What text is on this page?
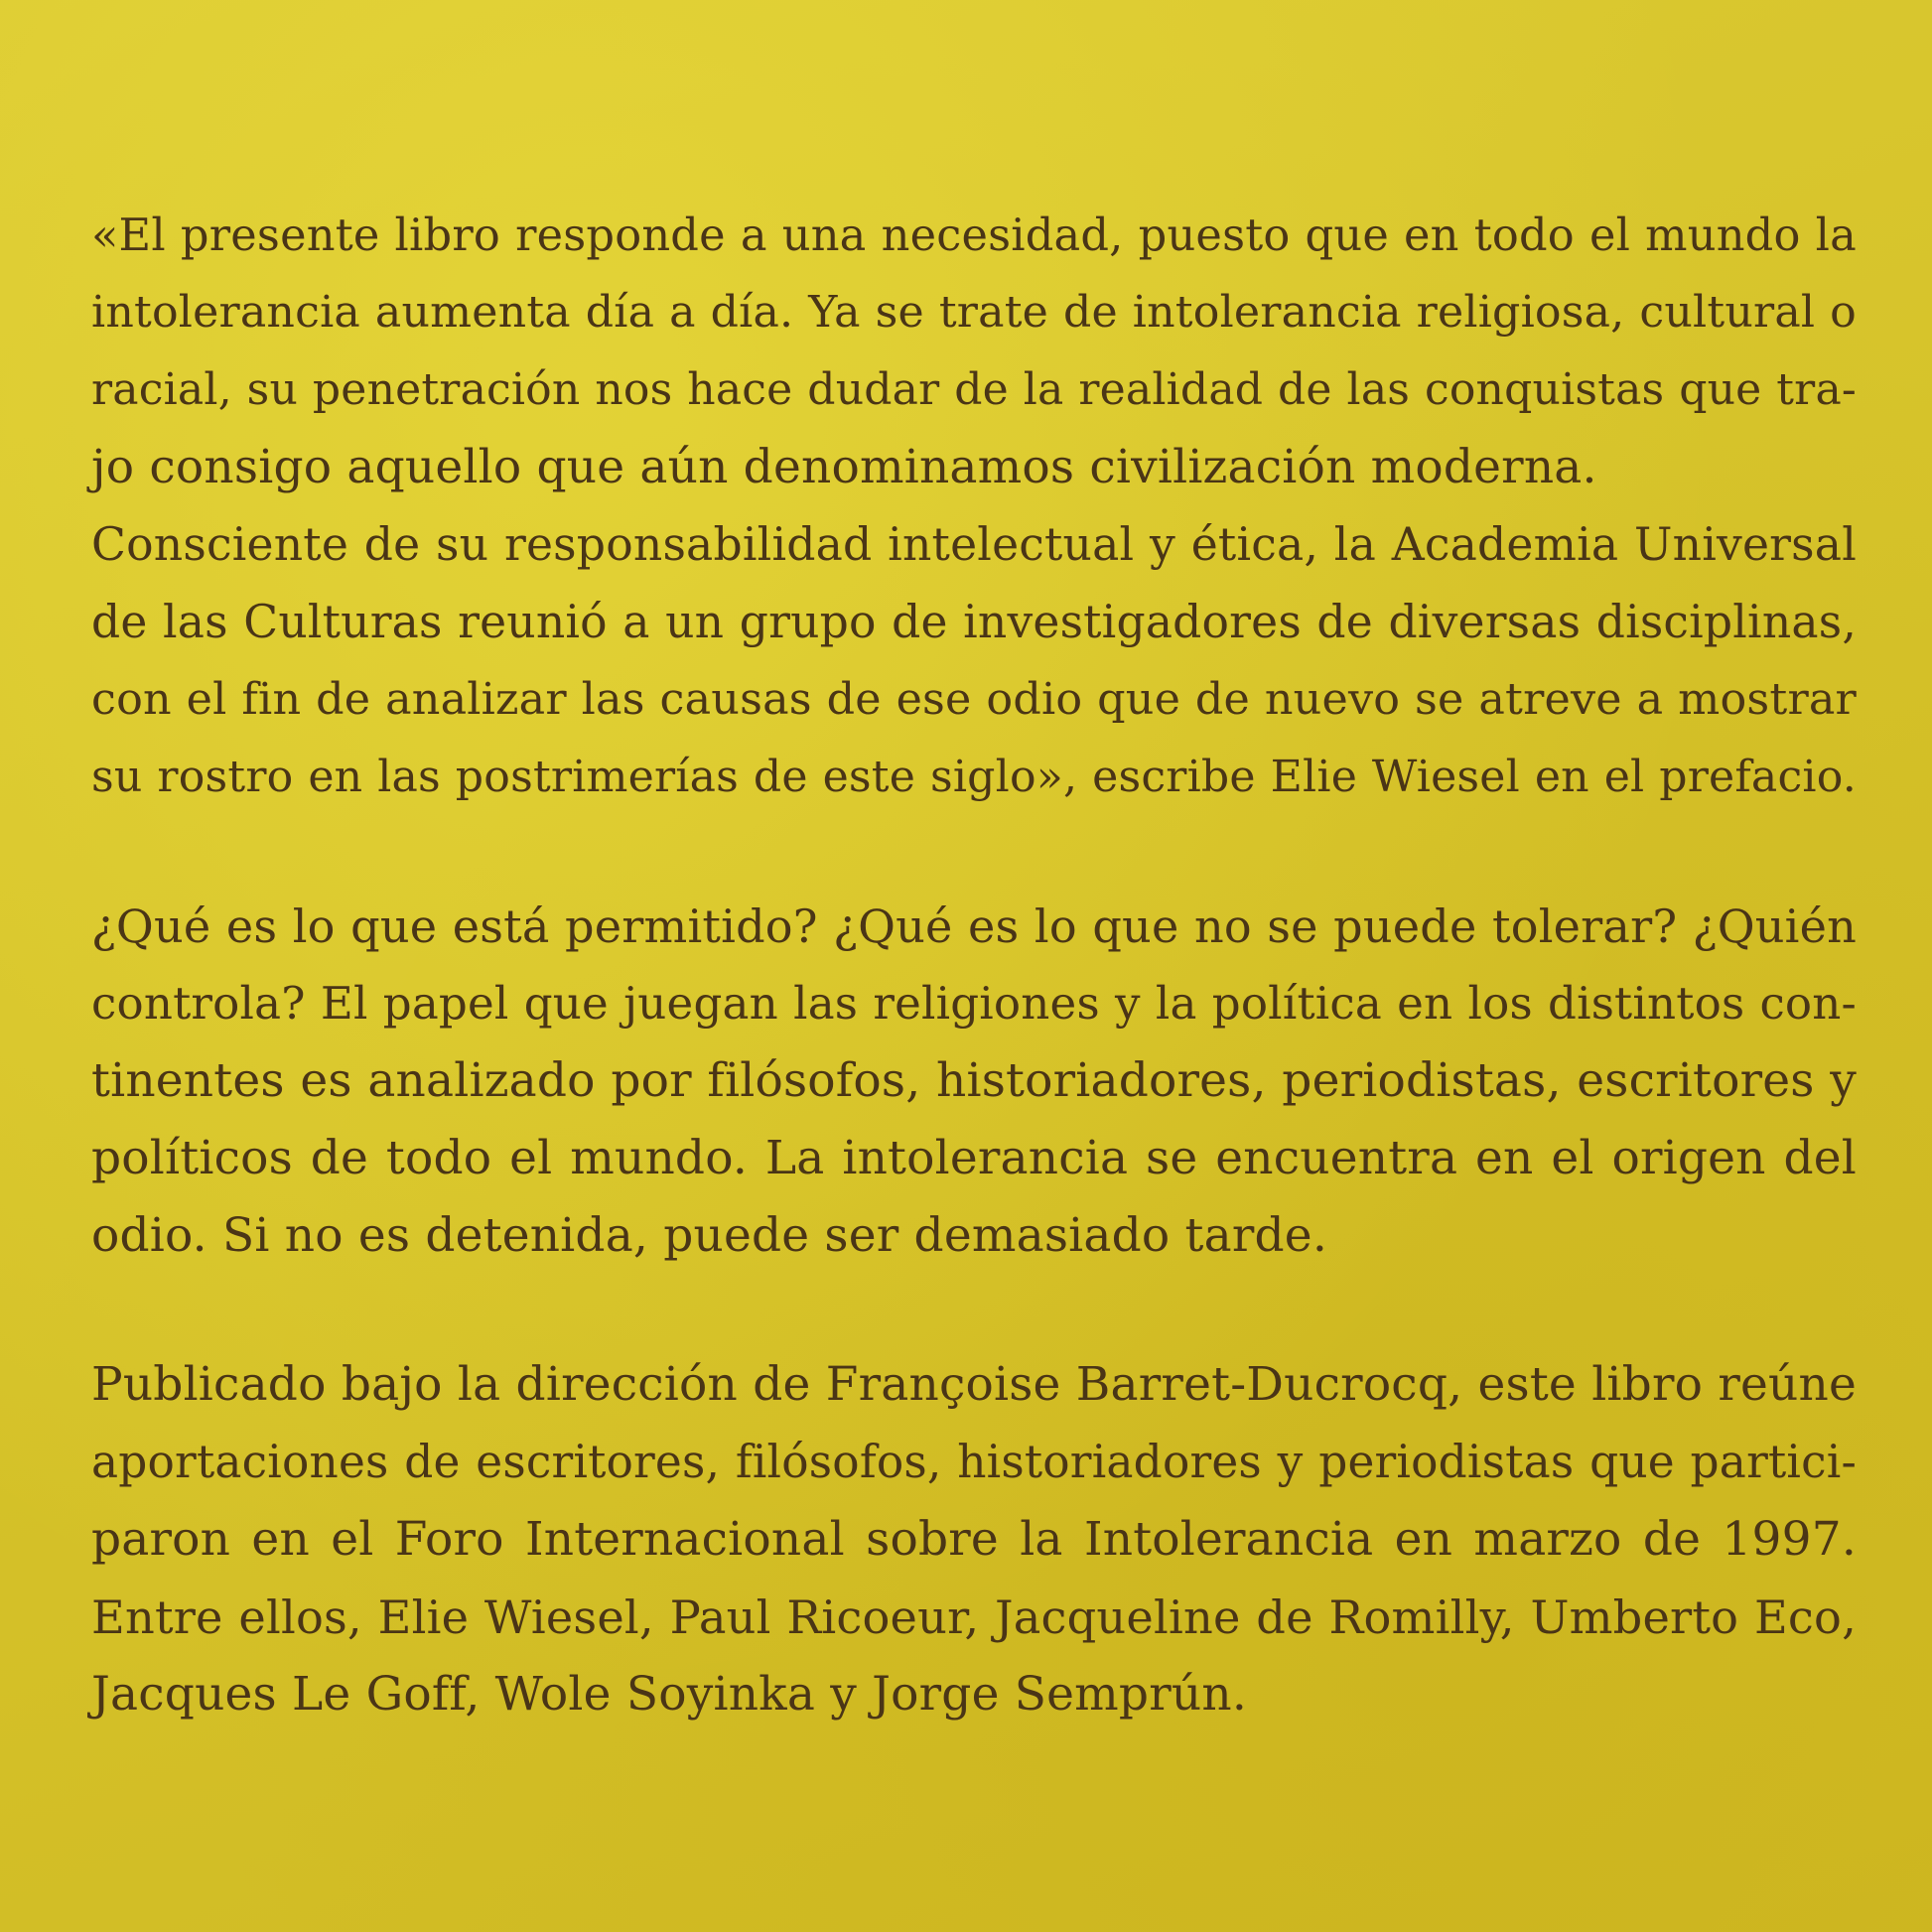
«El presente libro responde a una necesidad, puesto que en todo el mundo la
intolerancia aumenta día a día. Ya se trate de intolerancia religiosa, cultural o
racial, su penetración nos hace dudar de la realidad de las conquistas que tra-
jo consigo aquello que aún denominamos civilización moderna.
Consciente de su responsabilidad intelectual y ética, la Academia Universal
de las Culturas reunió a un grupo de investigadores de diversas disciplinas,
con el fin de analizar las causas de ese odio que de nuevo se atreve a mostrar
su rostro en las postrimerías de este siglo», escribe Elie Wiesel en el prefacio.
¿Qué es lo que está permitido? ¿Qué es lo que no se puede tolerar? ¿Quién
controla? El papel que juegan las religiones y la política en los distintos con-
tinentes es analizado por filósofos, historiadores, periodistas, escritores y
políticos de todo el mundo. La intolerancia se encuentra en el origen del
odio. Si no es detenida, puede ser demasiado tarde.
Publicado bajo la dirección de Françoise Barret-Ducrocq, este libro reúne
aportaciones de escritores, filósofos, historiadores y periodistas que partici-
paron en el Foro Internacional sobre la Intolerancia en marzo de 1997.
Entre ellos, Elie Wiesel, Paul Ricoeur, Jacqueline de Romilly, Umberto Eco,
Jacques Le Goff, Wole Soyinka y Jorge Semprún.
